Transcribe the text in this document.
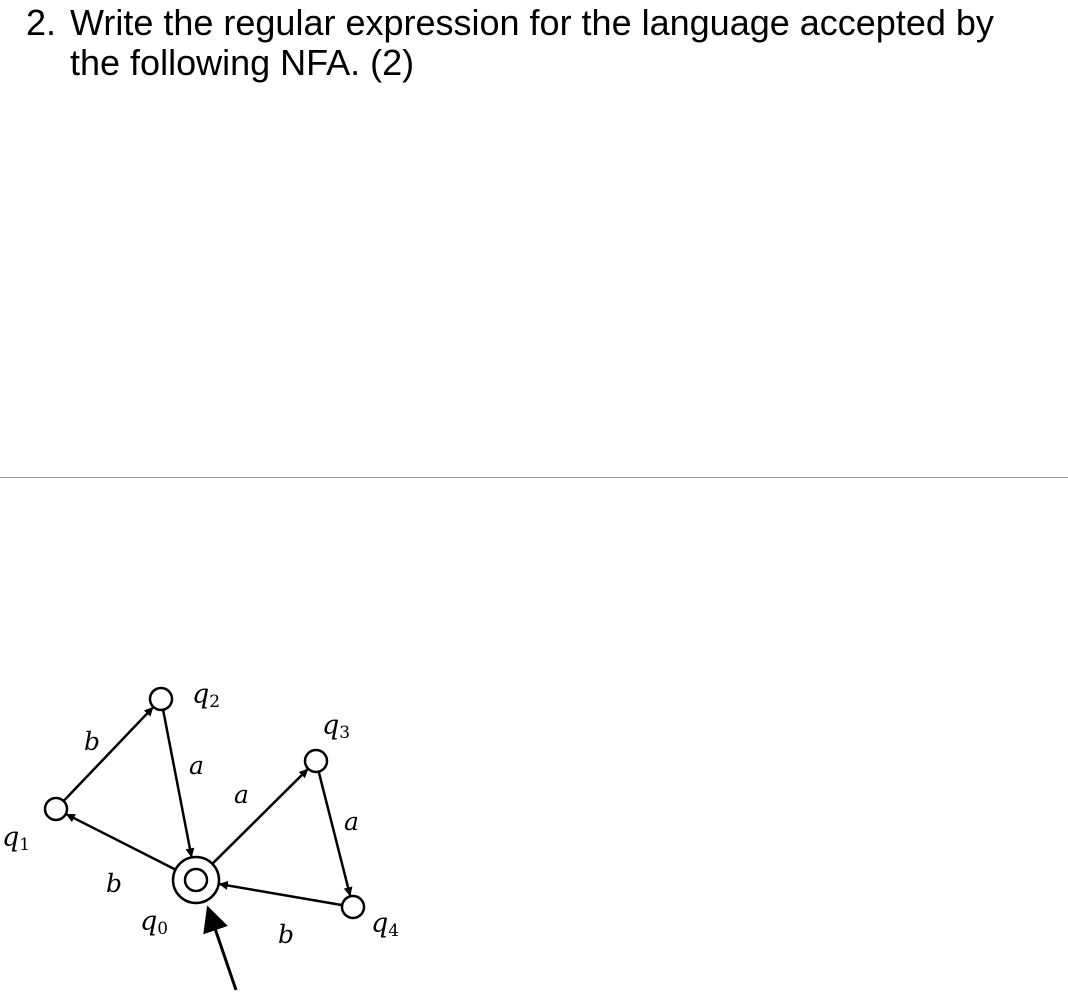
2. Write the regular expression for the language accepted by the following NFA. (2)
b
b
a
a
a
b
q0
q1
q2
q3
q4
